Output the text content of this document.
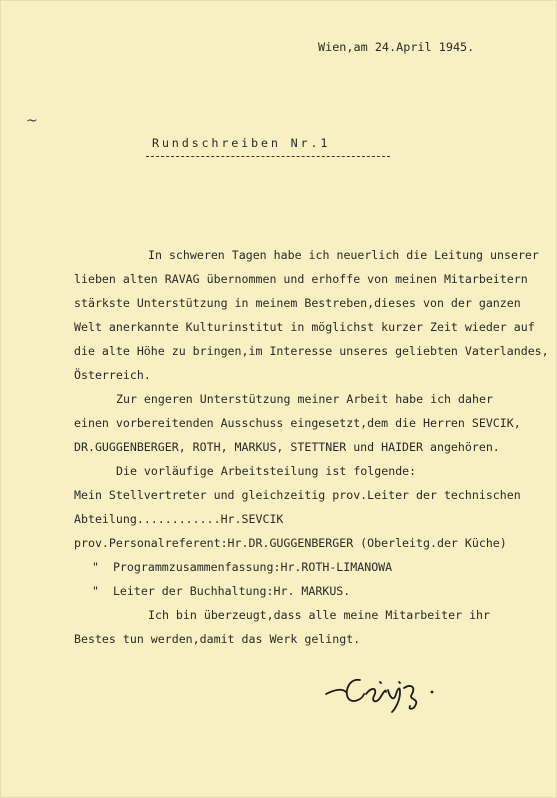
Wien,am 24.April 1945.
~
Rundschreiben Nr.1
In schweren Tagen habe ich neuerlich die Leitung unserer
lieben alten RAVAG übernommen und erhoffe von meinen Mitarbeitern
stärkste Unterstützung in meinem Bestreben,dieses von der ganzen
Welt anerkannte Kulturinstitut in möglichst kurzer Zeit wieder auf
die alte Höhe zu bringen,im Interesse unseres geliebten Vaterlandes,
Österreich.
Zur engeren Unterstützung meiner Arbeit habe ich daher
einen vorbereitenden Ausschuss eingesetzt,dem die Herren SEVCIK,
DR.GUGGENBERGER, ROTH, MARKUS, STETTNER und HAIDER angehören.
Die vorläufige Arbeitsteilung ist folgende:
Mein Stellvertreter und gleichzeitig prov.Leiter der technischen
Abteilung............Hr.SEVCIK
prov.Personalreferent:Hr.DR.GUGGENBERGER (Oberleitg.der Küche)
"  Programmzusammenfassung:Hr.ROTH-LIMANOWA
"  Leiter der Buchhaltung:Hr. MARKUS.
Ich bin überzeugt,dass alle meine Mitarbeiter ihr
Bestes tun werden,damit das Werk gelingt.
